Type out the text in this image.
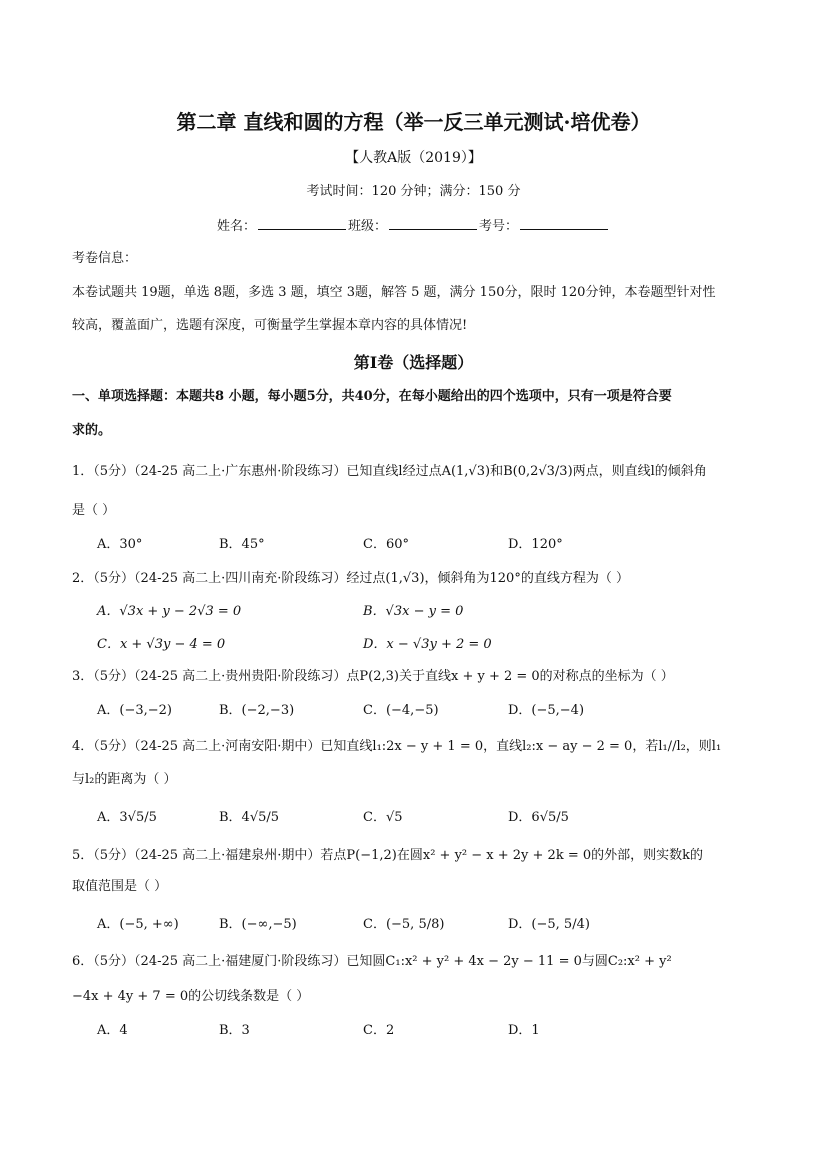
第二章 直线和圆的方程（举一反三单元测试·培优卷）
【人教A版（2019）】
考试时间：120 分钟；满分：150 分
姓名：	班级：	考号：
考卷信息：
本卷试题共 19题，单选 8题，多选 3 题，填空 3题，解答 5 题，满分 150分，限时 120分钟，本卷题型针对性
较高，覆盖面广，选题有深度，可衡量学生掌握本章内容的具体情况!
第Ⅰ卷（选择题）
一、单项选择题：本题共8 小题，每小题5分，共40分，在每小题给出的四个选项中，只有一项是符合要
求的。
1．（5分）（24-25 高二上·广东惠州·阶段练习）已知直线l经过点A(1,√3)和B(0,2√3/3)两点，则直线l的倾斜角
是（ ）
A．30°	B．45°	C．60°	D．120°
2．（5分）（24-25 高二上·四川南充·阶段练习）经过点(1,√3)，倾斜角为120°的直线方程为（ ）
A．√3x + y − 2√3 = 0	B．√3x − y = 0
C．x + √3y − 4 = 0	D．x − √3y + 2 = 0
3．（5分）（24-25 高二上·贵州贵阳·阶段练习）点P(2,3)关于直线x + y + 2 = 0的对称点的坐标为（ ）
A．(−3,−2)	B．(−2,−3)	C．(−4,−5)	D．(−5,−4)
4．（5分）（24-25 高二上·河南安阳·期中）已知直线l₁:2x − y + 1 = 0，直线l₂:x − ay − 2 = 0，若l₁//l₂，则l₁
与l₂的距离为（ ）
A．3√5/5	B．4√5/5	C．√5	D．6√5/5
5．（5分）（24-25 高二上·福建泉州·期中）若点P(−1,2)在圆x² + y² − x + 2y + 2k = 0的外部，则实数k的
取值范围是（ ）
A．(−5, +∞)	B．(−∞,−5)	C．(−5, 5/8)	D．(−5, 5/4)
6．（5分）（24-25 高二上·福建厦门·阶段练习）已知圆C₁:x² + y² + 4x − 2y − 11 = 0与圆C₂:x² + y²
−4x + 4y + 7 = 0的公切线条数是（ ）
A．4	B．3	C．2	D．1
